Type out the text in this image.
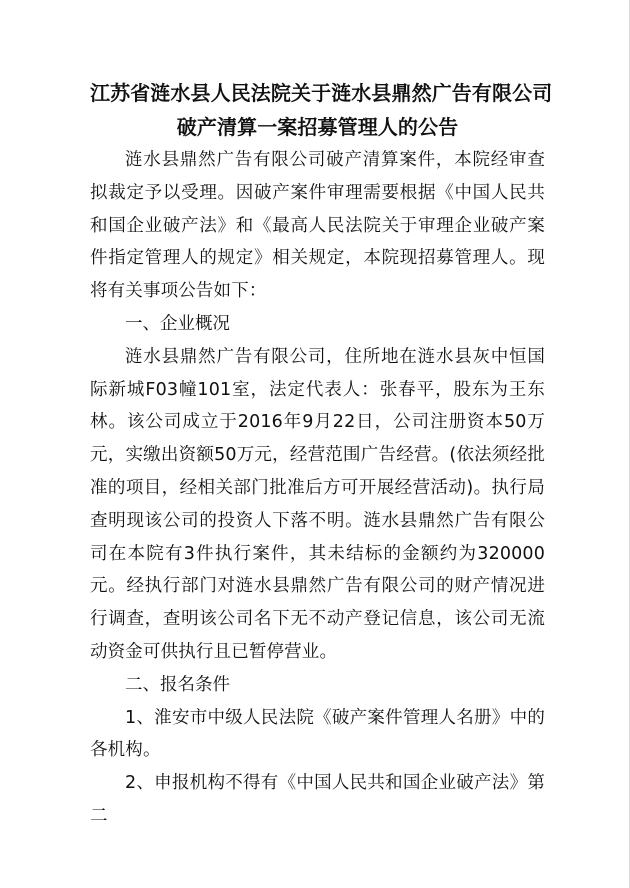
江苏省涟水县人民法院关于涟水县鼎然广告有限公司
破产清算一案招募管理人的公告

涟水县鼎然广告有限公司破产清算案件，本院经审查拟裁定予以受理。因破产案件审理需要根据《中国人民共和国企业破产法》和《最高人民法院关于审理企业破产案件指定管理人的规定》相关规定，本院现招募管理人。现将有关事项公告如下：

一、企业概况

涟水县鼎然广告有限公司，住所地在涟水县灰中恒国际新城F03幢101室，法定代表人：张春平，股东为王东林。该公司成立于2016年9月22日，公司注册资本50万元，实缴出资额50万元，经营范围广告经营。(依法须经批准的项目，经相关部门批准后方可开展经营活动)。执行局查明现该公司的投资人下落不明。涟水县鼎然广告有限公司在本院有3件执行案件，其未结标的金额约为320000元。经执行部门对涟水县鼎然广告有限公司的财产情况进行调查，查明该公司名下无不动产登记信息，该公司无流动资金可供执行且已暂停营业。

二、报名条件

1、淮安市中级人民法院《破产案件管理人名册》中的各机构。

2、申报机构不得有《中国人民共和国企业破产法》第二
